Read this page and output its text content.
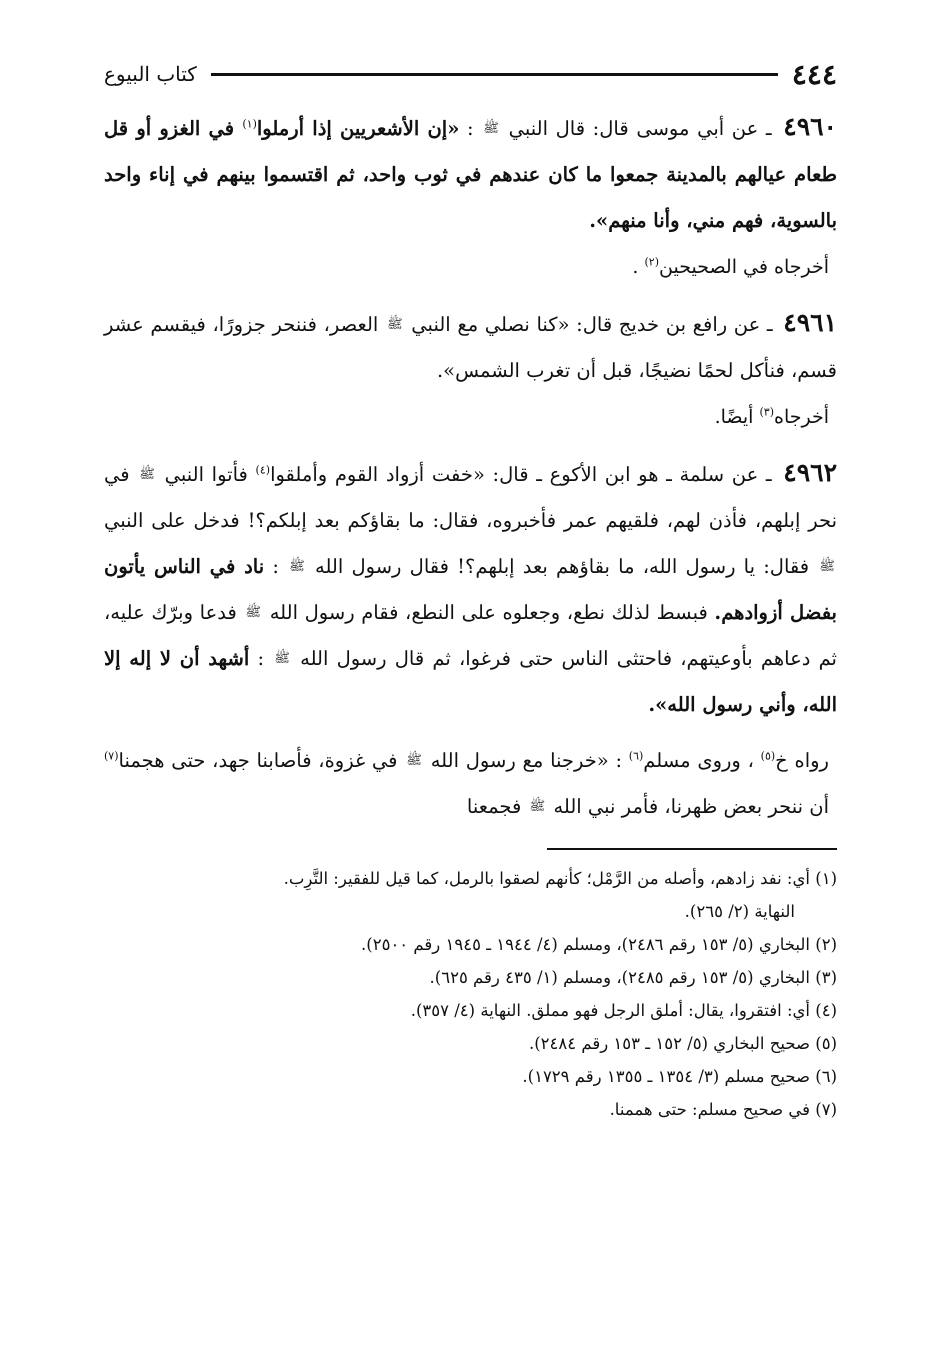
٤٤٤
كتاب البيوع

٤٩٦٠ ـ عن أبي موسى قال: قال النبي ﷺ : «إن الأشعريين إذا أرملوا$^{(١)}$ في الغزو أو قل طعام عيالهم بالمدينة جمعوا ما كان عندهم في ثوب واحد، ثم اقتسموا بينهم في إناء واحد بالسوية، فهم مني، وأنا منهم».

أخرجاه في الصحيحين$^{(٢)}$ .

٤٩٦١ ـ عن رافع بن خديج قال: «كنا نصلي مع النبي ﷺ العصر، فننحر جزورًا، فيقسم عشر قسم، فنأكل لحمًا نضيجًا، قبل أن تغرب الشمس».

أخرجاه$^{(٣)}$ أيضًا.

٤٩٦٢ ـ عن سلمة ـ هو ابن الأكوع ـ قال: «خفت أزواد القوم وأملقوا$^{(٤)}$ فأتوا النبي ﷺ في نحر إبلهم، فأذن لهم، فلقيهم عمر فأخبروه، فقال: ما بقاؤكم بعد إبلكم؟! فدخل على النبي ﷺ فقال: يا رسول الله، ما بقاؤهم بعد إبلهم؟! فقال رسول الله ﷺ : ناد في الناس يأتون بفضل أزوادهم. فبسط لذلك نطع، وجعلوه على النطع، فقام رسول الله ﷺ فدعا وبرّك عليه، ثم دعاهم بأوعيتهم، فاحتثى الناس حتى فرغوا، ثم قال رسول الله ﷺ : أشهد أن لا إله إلا الله، وأني رسول الله».

رواه خ$^{(٥)}$ ، وروى مسلم$^{(٦)}$ : «خرجنا مع رسول الله ﷺ في غزوة، فأصابنا جهد، حتى هجمنا$^{(٧)}$ أن ننحر بعض ظهرنا، فأمر نبي الله ﷺ فجمعنا

(١) أي: نفد زادهم، وأصله من الرَّمْل؛ كأنهم لصقوا بالرمل، كما قيل للفقير: التَّرِب.

النهاية (٢/ ٢٦٥).

(٢) البخاري (٥/ ١٥٣ رقم ٢٤٨٦)، ومسلم (٤/ ١٩٤٤ ـ ١٩٤٥ رقم ٢٥٠٠).

(٣) البخاري (٥/ ١٥٣ رقم ٢٤٨٥)، ومسلم (١/ ٤٣٥ رقم ٦٢٥).

(٤) أي: افتقروا، يقال: أملق الرجل فهو مملق. النهاية (٤/ ٣٥٧).

(٥) صحيح البخاري (٥/ ١٥٢ ـ ١٥٣ رقم ٢٤٨٤).

(٦) صحيح مسلم (٣/ ١٣٥٤ ـ ١٣٥٥ رقم ١٧٢٩).

(٧) في صحيح مسلم: حتى هممنا.
